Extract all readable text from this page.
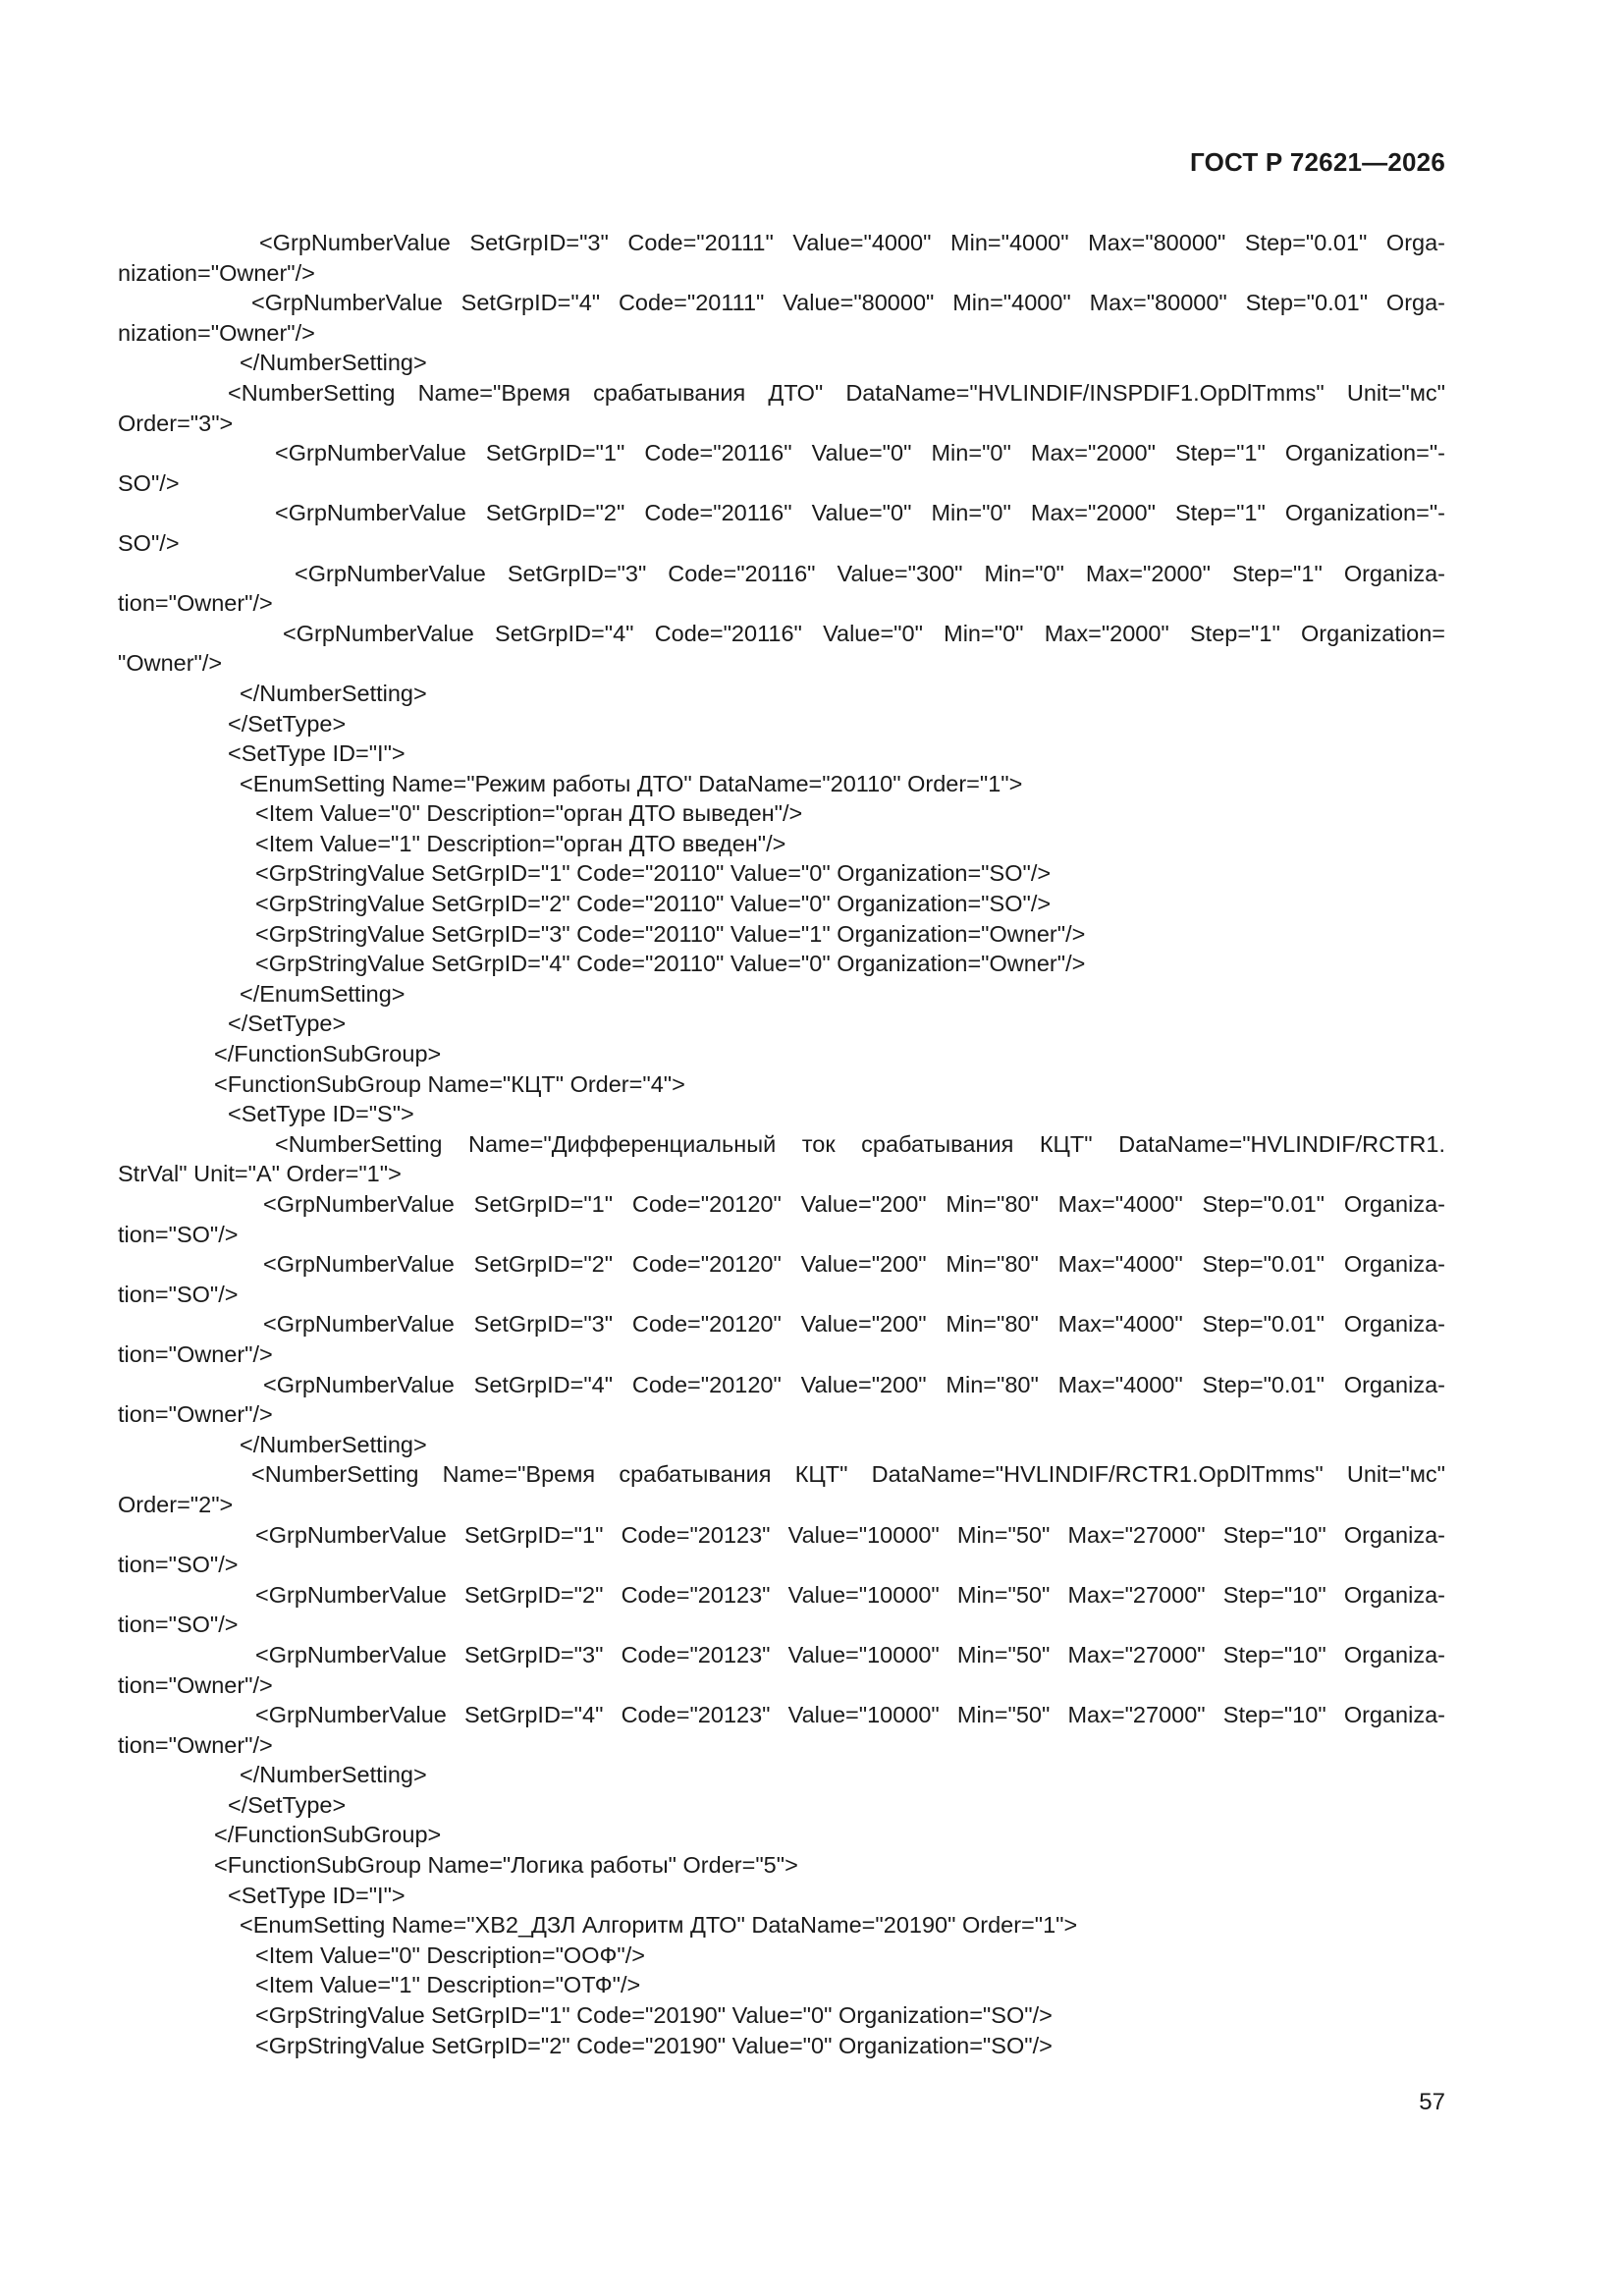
ГОСТ Р 72621—2026
<GrpNumberValue SetGrpID="3" Code="20111" Value="4000" Min="4000" Max="80000" Step="0.01" Orga-
nization="Owner"/>
<GrpNumberValue SetGrpID="4" Code="20111" Value="80000" Min="4000" Max="80000" Step="0.01" Orga-
nization="Owner"/>
</NumberSetting>
<NumberSetting Name="Время срабатывания ДТО" DataName="HVLINDIF/INSPDIF1.OpDlTmms" Unit="мс"
Order="3">
<GrpNumberValue SetGrpID="1" Code="20116" Value="0" Min="0" Max="2000" Step="1" Organization="-
SO"/>
<GrpNumberValue SetGrpID="2" Code="20116" Value="0" Min="0" Max="2000" Step="1" Organization="-
SO"/>
<GrpNumberValue SetGrpID="3" Code="20116" Value="300" Min="0" Max="2000" Step="1" Organiza-
tion="Owner"/>
<GrpNumberValue SetGrpID="4" Code="20116" Value="0" Min="0" Max="2000" Step="1" Organization=
"Owner"/>
</NumberSetting>
</SetType>
<SetType ID="I">
<EnumSetting Name="Режим работы ДТО" DataName="20110" Order="1">
<Item Value="0" Description="орган ДТО выведен"/>
<Item Value="1" Description="орган ДТО введен"/>
<GrpStringValue SetGrpID="1" Code="20110" Value="0" Organization="SO"/>
<GrpStringValue SetGrpID="2" Code="20110" Value="0" Organization="SO"/>
<GrpStringValue SetGrpID="3" Code="20110" Value="1" Organization="Owner"/>
<GrpStringValue SetGrpID="4" Code="20110" Value="0" Organization="Owner"/>
</EnumSetting>
</SetType>
</FunctionSubGroup>
<FunctionSubGroup Name="КЦТ" Order="4">
<SetType ID="S">
<NumberSetting Name="Дифференциальный ток срабатывания КЦТ" DataName="HVLINDIF/RCTR1.
StrVal" Unit="A" Order="1">
<GrpNumberValue SetGrpID="1" Code="20120" Value="200" Min="80" Max="4000" Step="0.01" Organiza-
tion="SO"/>
<GrpNumberValue SetGrpID="2" Code="20120" Value="200" Min="80" Max="4000" Step="0.01" Organiza-
tion="SO"/>
<GrpNumberValue SetGrpID="3" Code="20120" Value="200" Min="80" Max="4000" Step="0.01" Organiza-
tion="Owner"/>
<GrpNumberValue SetGrpID="4" Code="20120" Value="200" Min="80" Max="4000" Step="0.01" Organiza-
tion="Owner"/>
</NumberSetting>
<NumberSetting Name="Время срабатывания КЦТ" DataName="HVLINDIF/RCTR1.OpDlTmms" Unit="мс"
Order="2">
<GrpNumberValue SetGrpID="1" Code="20123" Value="10000" Min="50" Max="27000" Step="10" Organiza-
tion="SO"/>
<GrpNumberValue SetGrpID="2" Code="20123" Value="10000" Min="50" Max="27000" Step="10" Organiza-
tion="SO"/>
<GrpNumberValue SetGrpID="3" Code="20123" Value="10000" Min="50" Max="27000" Step="10" Organiza-
tion="Owner"/>
<GrpNumberValue SetGrpID="4" Code="20123" Value="10000" Min="50" Max="27000" Step="10" Organiza-
tion="Owner"/>
</NumberSetting>
</SetType>
</FunctionSubGroup>
<FunctionSubGroup Name="Логика работы" Order="5">
<SetType ID="I">
<EnumSetting Name="ХВ2_ДЗЛ Алгоритм ДТО" DataName="20190" Order="1">
<Item Value="0" Description="ООФ"/>
<Item Value="1" Description="ОТФ"/>
<GrpStringValue SetGrpID="1" Code="20190" Value="0" Organization="SO"/>
<GrpStringValue SetGrpID="2" Code="20190" Value="0" Organization="SO"/>
57
